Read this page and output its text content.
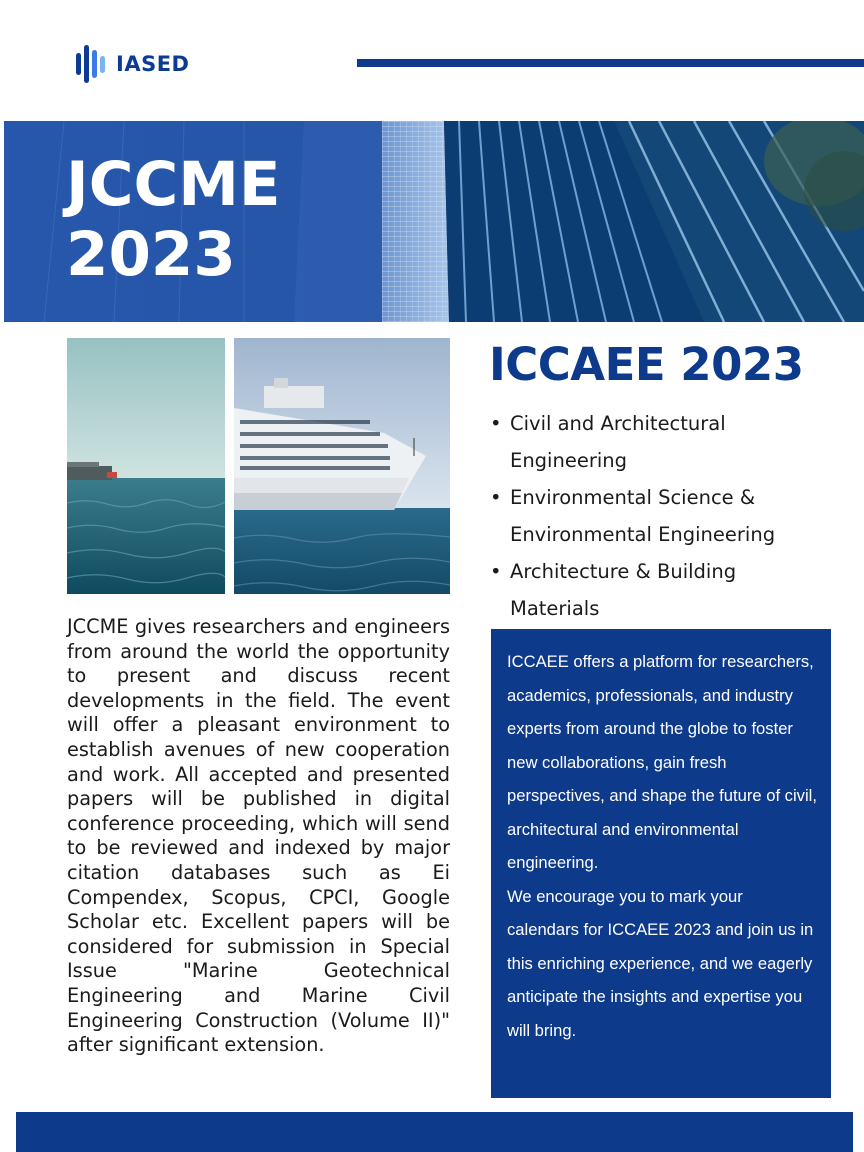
IASED
JCCME
2023

JCCME gives researchers and engineers from around the world the opportunity to present and discuss recent developments in the field. The event will offer a pleasant environment to establish avenues of new cooperation and work. All accepted and presented papers will be published in digital conference proceeding, which will send to be reviewed and indexed by major citation databases such as Ei Compendex, Scopus, CPCI, Google Scholar etc. Excellent papers will be considered for submission in Special Issue "Marine Geotechnical Engineering and Marine Civil Engineering Construction (Volume II)" after significant extension.

ICCAEE 2023
• Civil and Architectural Engineering
• Environmental Science & Environmental Engineering
• Architecture & Building Materials

ICCAEE offers a platform for researchers, academics, professionals, and industry experts from around the globe to foster new collaborations, gain fresh perspectives, and shape the future of civil, architectural and environmental engineering.

We encourage you to mark your calendars for ICCAEE 2023 and join us in this enriching experience, and we eagerly anticipate the insights and expertise you will bring.
